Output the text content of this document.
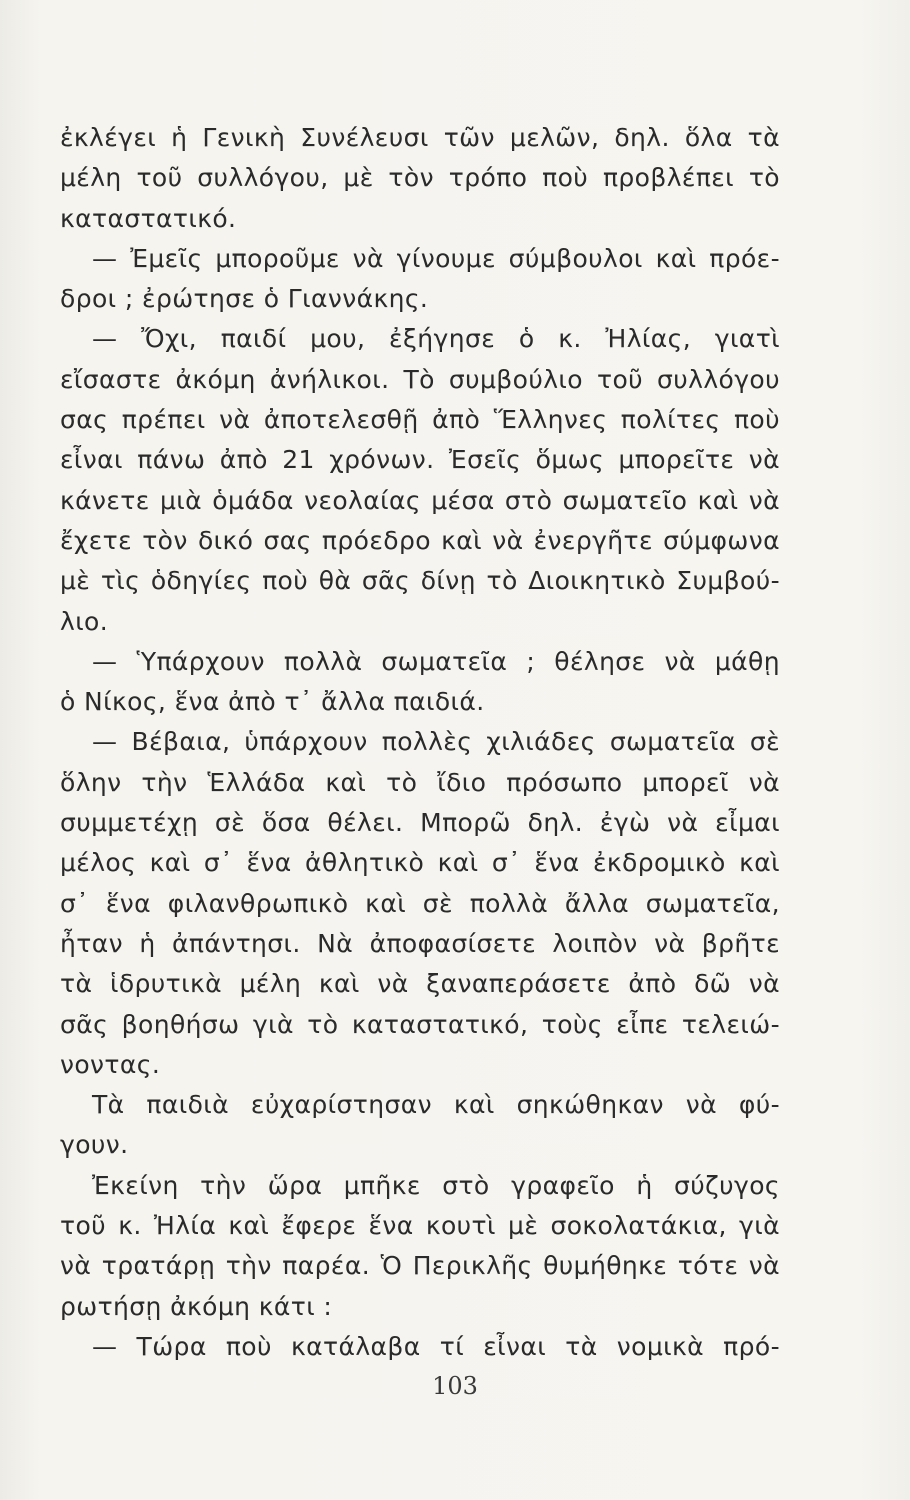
ἐκλέγει ἡ Γενικὴ Συνέλευσι τῶν μελῶν, δηλ. ὅλα τὰ
μέλη τοῦ συλλόγου, μὲ τὸν τρόπο ποὺ προβλέπει τὸ
καταστατικό.
— Ἐμεῖς μποροῦμε νὰ γίνουμε σύμβουλοι καὶ πρόε-
δροι ; ἐρώτησε ὁ Γιαννάκης.
— Ὄχι, παιδί μου, ἐξήγησε ὁ κ. Ἠλίας, γιατὶ
εἴσαστε ἀκόμη ἀνήλικοι. Τὸ συμβούλιο τοῦ συλλόγου
σας πρέπει νὰ ἀποτελεσθῇ ἀπὸ Ἕλληνες πολίτες ποὺ
εἶναι πάνω ἀπὸ 21 χρόνων. Ἐσεῖς ὅμως μπορεῖτε νὰ
κάνετε μιὰ ὁμάδα νεολαίας μέσα στὸ σωματεῖο καὶ νὰ
ἔχετε τὸν δικό σας πρόεδρο καὶ νὰ ἐνεργῆτε σύμφωνα
μὲ τὶς ὁδηγίες ποὺ θὰ σᾶς δίνῃ τὸ Διοικητικὸ Συμβού-
λιο.
— Ὑπάρχουν πολλὰ σωματεῖα ; θέλησε νὰ μάθῃ
ὁ Νίκος, ἕνα ἀπὸ τ᾿ ἄλλα παιδιά.
— Βέβαια, ὑπάρχουν πολλὲς χιλιάδες σωματεῖα σὲ
ὅλην τὴν Ἑλλάδα καὶ τὸ ἴδιο πρόσωπο μπορεῖ νὰ
συμμετέχῃ σὲ ὅσα θέλει. Μπορῶ δηλ. ἐγὼ νὰ εἶμαι
μέλος καὶ σ᾿ ἕνα ἀθλητικὸ καὶ σ᾿ ἕνα ἐκδρομικὸ καὶ
σ᾿ ἕνα φιλανθρωπικὸ καὶ σὲ πολλὰ ἄλλα σωματεῖα,
ἦταν ἡ ἀπάντησι. Νὰ ἀποφασίσετε λοιπὸν νὰ βρῆτε
τὰ ἱδρυτικὰ μέλη καὶ νὰ ξαναπεράσετε ἀπὸ δῶ νὰ
σᾶς βοηθήσω γιὰ τὸ καταστατικό, τοὺς εἶπε τελειώ-
νοντας.
Τὰ παιδιὰ εὐχαρίστησαν καὶ σηκώθηκαν νὰ φύ-
γουν.
Ἐκείνη τὴν ὥρα μπῆκε στὸ γραφεῖο ἡ σύζυγος
τοῦ κ. Ἠλία καὶ ἔφερε ἕνα κουτὶ μὲ σοκολατάκια, γιὰ
νὰ τρατάρῃ τὴν παρέα. Ὁ Περικλῆς θυμήθηκε τότε νὰ
ρωτήσῃ ἀκόμη κάτι :
— Τώρα ποὺ κατάλαβα τί εἶναι τὰ νομικὰ πρό-
103
